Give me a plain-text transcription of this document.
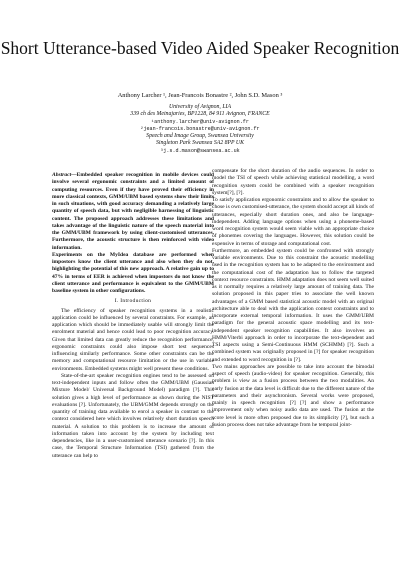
Short Utterance-based Video Aided Speaker Recognition
Anthony Larcher ¹, Jean-Francois Bonastre ², John S.D. Mason ³
University of Avignon, LIA
339 ch des Meinajaries, BP1228, 84 911 Avignon, FRANCE
¹anthony.larcher@univ-avignon.fr
²jean-francois.bonastre@univ-avignon.fr
Speech and Image Group, Swansea University
Singleton Park Swansea SA2 8PP UK
³j.s.d.mason@swansea.ac.uk

Abstract—Embedded speaker recognition in mobile devices could involve several ergonomic constraints and a limited amount of computing resources. Even if they have proved their efficiency in more classical contexts, GMM/UBM based systems show their limits in such situations, with good accuracy demanding a relatively large quantity of speech data, but with negligible harnessing of linguistic content. The proposed approach addresses these limitations and takes advantage of the linguistic nature of the speech material into the GMM/UBM framework by using client-customised utterances. Furthermore, the acoustic structure is then reinforced with video information.

Experiments on the MyIdea database are performed when impostors know the client utterance and also when they do not, highlighting the potential of this new approach. A relative gain up to 47% in terms of EER is achieved when impostors do not know the client utterance and performance is equivalent to the GMM/UBM baseline system in other configurations.

I. Introduction

The efficiency of speaker recognition systems in a realistic application could be influenced by several constraints. For example, an application which should be immediately usable will strongly limit the enrolment material and hence could lead to poor recognition accuracy. Given that limited data can greatly reduce the recognition performance, ergonomic constraints could also impose short test sequences influencing similarly performance. Some other constraints can be the memory and computational resource limitation or the use in variable environments. Embedded systems might well present these conditions.

State-of-the-art speaker recognition engines tend to be assessed on text-independent inputs and follow often the GMM/UBM (Gaussian Mixture Model/ Universal Background Model) paradigm [?]. This solution gives a high level of performance as shown during the NIST evaluations [?]. Unfortunately, the UBM/GMM depends strongly on the quantity of training data available to enrol a speaker in contrast to the context considered here which involves relatively short duration speech material. A solution to this problem is to increase the amount of information taken into account by the system by including text dependencies, like in a user-customised utterance scenario [?]. In this case, the Temporal Structure Information (TSI) gathered from the utterance can help to

compensate for the short duration of the audio sequences. In order to model the TSI of speech while achieving statistical modelling, a word recognition system could be combined with a speaker recognition system[?], [?].

To satisfy application ergonomic constraints and to allow the speaker to chose is own customised-utterance, the system should accept all kinds of utterances, especially short duration ones, and also be language-independent. Adding language options when using a phoneme-based word recognition system would seem viable with an appropriate choice of phonemes covering the languages. However, this solution could be expensive in terms of storage and computational cost.

Furthermore, an embedded system could be confronted with strongly variable environments. Due to this constraint the acoustic modelling used in the recognition system has to be adapted to the environment and the computational cost of the adaptation has to follow the targeted context resource constraints. HMM adaptation does not seem well suited as it normally requires a relatively large amount of training data. The solution proposed in this paper tries to associate the well known advantages of a GMM based statistical acoustic model with an original architecture able to deal with the application context constraints and to incorporate external temporal information. It uses the GMM/UBM paradigm for the general acoustic space modelling and its text-independent speaker recognition capabilities. It also involves an HMM/Viterbi approach in order to incorporate the text-dependent and TSI aspects using a Semi-Continuous HMM (SCHMM) [?]. Such a combined system was originally proposed in [?] for speaker recognition and extended to word recognition in [?].

Two mains approaches are possible to take into account the bimodal aspect of speech (audio-video) for speaker recognition. Generally, this problem is view as a fusion process between the two modalities. An early fusion at the data level is difficult due to the different nature of the parameters and their asynchronism. Several works were proposed, mainly in speech recognition [?] [?] and show a performance improvement only when noisy audio data are used. The fusion at the score level is more often proposed due to its simplicity [?], but such a fusion process does not take advantage from he temporal joint-
